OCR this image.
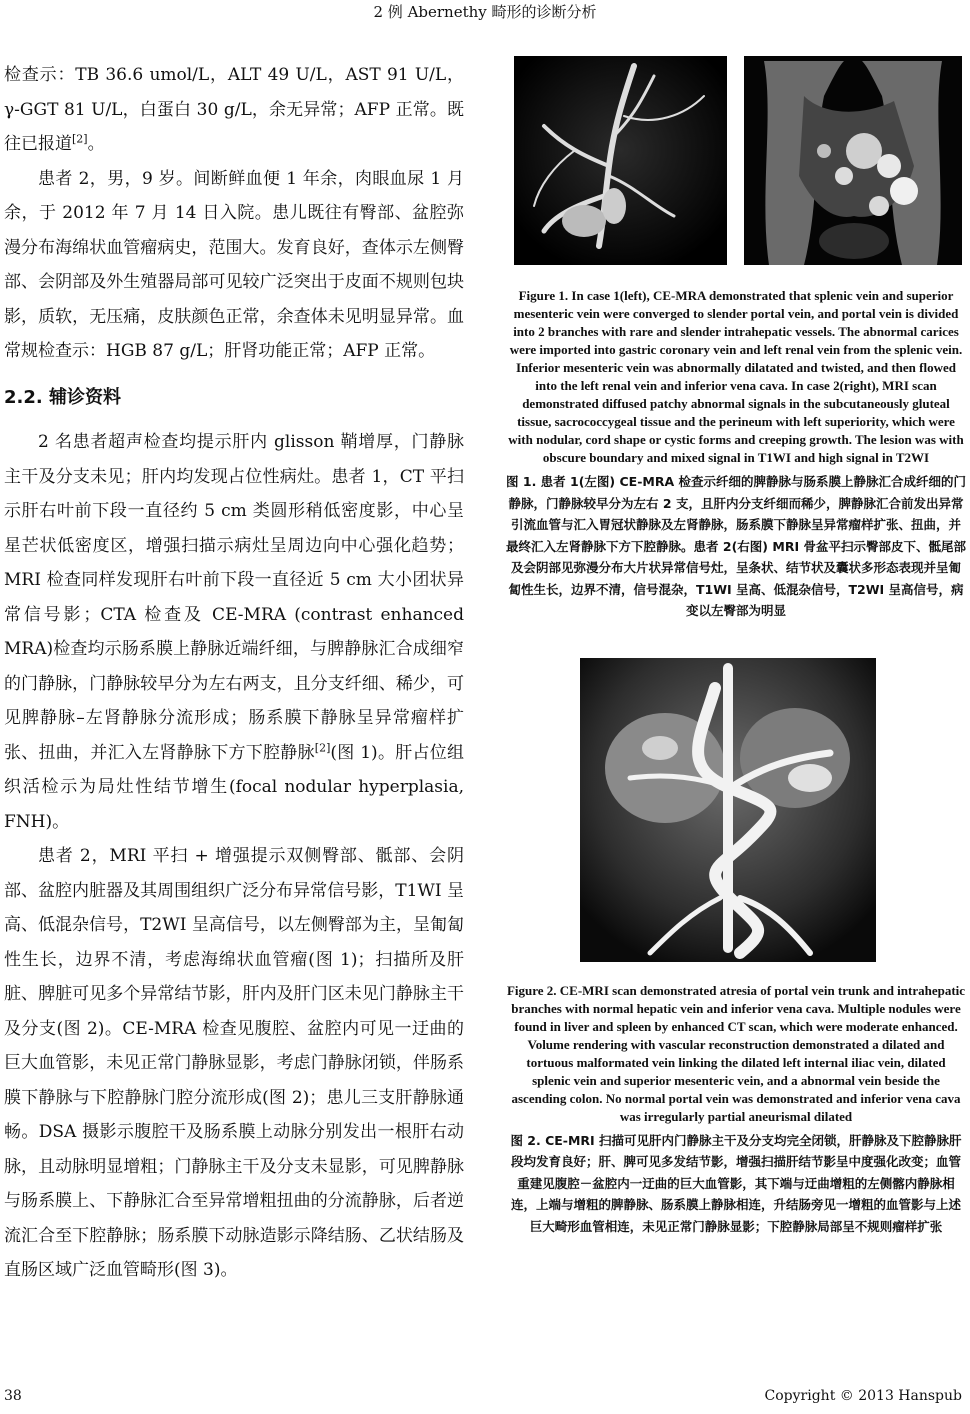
2 例 Abernethy 畸形的诊断分析

检查示：TB 36.6 umol/L，ALT 49 U/L，AST 91 U/L，γ-GGT 81 U/L，白蛋白 30 g/L，余无异常；AFP 正常。既往已报道[2]。

患者 2，男，9 岁。间断鲜血便 1 年余，肉眼血尿 1 月余，于 2012 年 7 月 14 日入院。患儿既往有臀部、盆腔弥漫分布海绵状血管瘤病史，范围大。发育良好，查体示左侧臀部、会阴部及外生殖器局部可见较广泛突出于皮面不规则包块影，质软，无压痛，皮肤颜色正常，余查体未见明显异常。血常规检查示：HGB 87 g/L；肝肾功能正常；AFP 正常。

2.2. 辅诊资料

2 名患者超声检查均提示肝内 glisson 鞘增厚，门静脉主干及分支未见；肝内均发现占位性病灶。患者 1，CT 平扫示肝右叶前下段一直径约 5 cm 类圆形稍低密度影，中心呈星芒状低密度区，增强扫描示病灶呈周边向中心强化趋势；MRI 检查同样发现肝右叶前下段一直径近 5 cm 大小团状异常信号影；CTA 检查及 CE-MRA (contrast enhanced MRA)检查均示肠系膜上静脉近端纤细，与脾静脉汇合成细窄的门静脉，门静脉较早分为左右两支，且分支纤细、稀少，可见脾静脉–左肾静脉分流形成；肠系膜下静脉呈异常瘤样扩张、扭曲，并汇入左肾静脉下方下腔静脉[2](图 1)。肝占位组织活检示为局灶性结节增生(focal nodular hyperplasia, FNH)。

患者 2，MRI 平扫 + 增强提示双侧臀部、骶部、会阴部、盆腔内脏器及其周围组织广泛分布异常信号影，T1WI 呈高、低混杂信号，T2WI 呈高信号，以左侧臀部为主，呈匍匐性生长，边界不清，考虑海绵状血管瘤(图 1)；扫描所及肝脏、脾脏可见多个异常结节影，肝内及肝门区未见门静脉主干及分支(图 2)。CE-MRA 检查见腹腔、盆腔内可见一迂曲的巨大血管影，未见正常门静脉显影，考虑门静脉闭锁，伴肠系膜下静脉与下腔静脉门腔分流形成(图 2)；患儿三支肝静脉通畅。DSA 摄影示腹腔干及肠系膜上动脉分别发出一根肝右动脉，且动脉明显增粗；门静脉主干及分支未显影，可见脾静脉与肠系膜上、下静脉汇合至异常增粗扭曲的分流静脉，后者逆流汇合至下腔静脉；肠系膜下动脉造影示降结肠、乙状结肠及直肠区域广泛血管畸形(图 3)。

Figure 1. In case 1(left), CE-MRA demonstrated that splenic vein and superior mesenteric vein were converged to slender portal vein, and portal vein is divided into 2 branches with rare and slender intrahepatic vessels. The abnormal carices were imported into gastric coronary vein and left renal vein from the splenic vein. Inferior mesenteric vein was abnormally dilatated and twisted, and then flowed into the left renal vein and inferior vena cava. In case 2(right), MRI scan demonstrated diffused patchy abnormal signals in the subcutaneously gluteal tissue, sacrococcygeal tissue and the perineum with left superiority, which were with nodular, cord shape or cystic forms and creeping growth. The lesion was with obscure boundary and mixed signal in T1WI and high signal in T2WI

图 1. 患者 1(左图) CE-MRA 检查示纤细的脾静脉与肠系膜上静脉汇合成纤细的门静脉，门静脉较早分为左右 2 支，且肝内分支纤细而稀少，脾静脉汇合前发出异常引流血管与汇入胃冠状静脉及左肾静脉，肠系膜下静脉呈异常瘤样扩张、扭曲，并最终汇入左肾静脉下方下腔静脉。患者 2(右图) MRI 骨盆平扫示臀部皮下、骶尾部及会阴部见弥漫分布大片状异常信号灶，呈条状、结节状及囊状多形态表现并呈匍匐性生长，边界不清，信号混杂，T1WI 呈高、低混杂信号，T2WI 呈高信号，病变以左臀部为明显

Figure 2. CE-MRI scan demonstrated atresia of portal vein trunk and intrahepatic branches with normal hepatic vein and inferior vena cava. Multiple nodules were found in liver and spleen by enhanced CT scan, which were moderate enhanced. Volume rendering with vascular reconstruction demonstrated a dilated and tortuous malformated vein linking the dilated left internal iliac vein, dilated splenic vein and superior mesenteric vein, and a abnormal vein beside the ascending colon. No normal portal vein was demonstrated and inferior vena cava was irregularly partial aneurismal dilated

图 2. CE-MRI 扫描可见肝内门静脉主干及分支均完全闭锁，肝静脉及下腔静脉肝段均发育良好；肝、脾可见多发结节影，增强扫描肝结节影呈中度强化改变；血管重建见腹腔－盆腔内一迂曲的巨大血管影，其下端与迂曲增粗的左侧髂内静脉相连，上端与增粗的脾静脉、肠系膜上静脉相连，升结肠旁见一增粗的血管影与上述巨大畸形血管相连，未见正常门静脉显影；下腔静脉局部呈不规则瘤样扩张

38	Copyright © 2013 Hanspub
